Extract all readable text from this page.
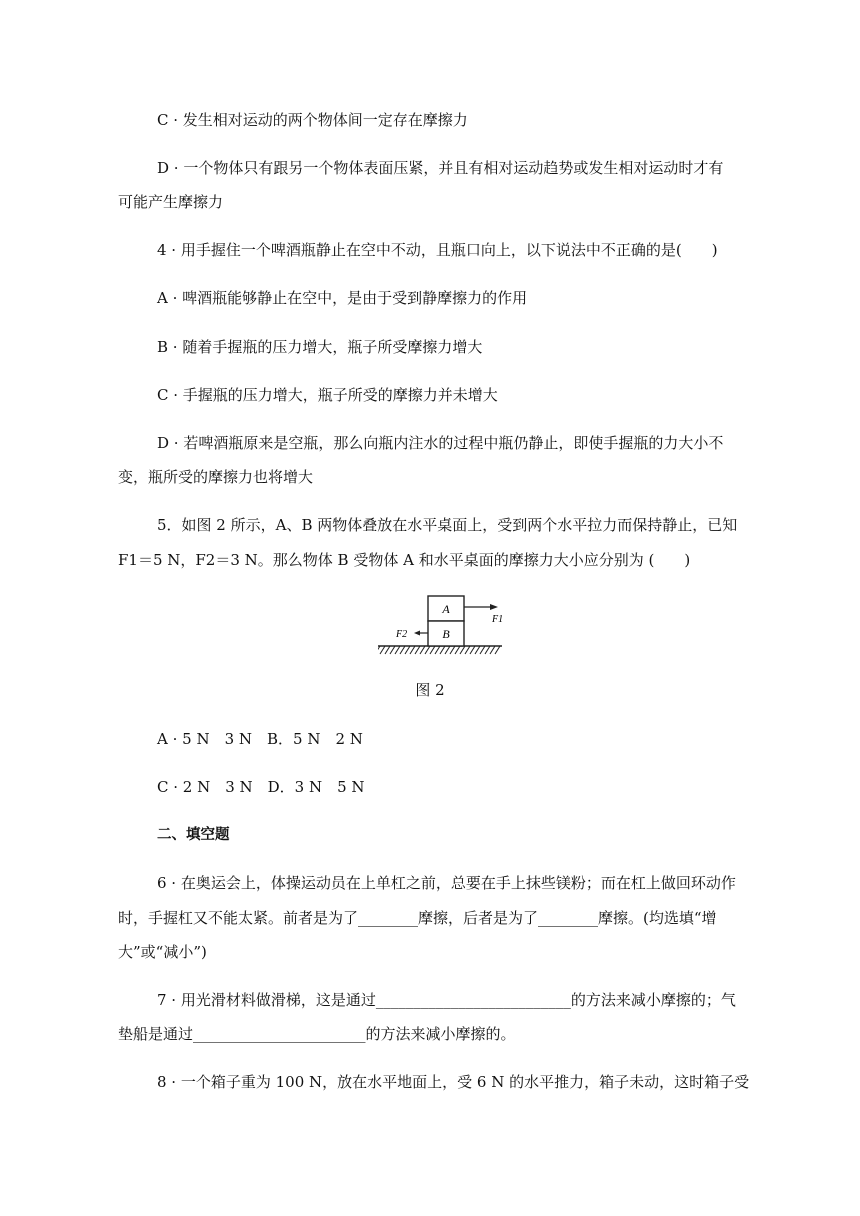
C · 发生相对运动的两个物体间一定存在摩擦力
D · 一个物体只有跟另一个物体表面压紧，并且有相对运动趋势或发生相对运动时才有
可能产生摩擦力
4 · 用手握住一个啤酒瓶静止在空中不动，且瓶口向上，以下说法中不正确的是(　　)
A · 啤酒瓶能够静止在空中，是由于受到静摩擦力的作用
B · 随着手握瓶的压力增大，瓶子所受摩擦力增大
C · 手握瓶的压力增大，瓶子所受的摩擦力并未增大
D · 若啤酒瓶原来是空瓶，那么向瓶内注水的过程中瓶仍静止，即使手握瓶的力大小不
变，瓶所受的摩擦力也将增大
5．如图 2 所示，A、B 两物体叠放在水平桌面上，受到两个水平拉力而保持静止，已知
F1＝5 N，F2＝3 N。那么物体 B 受物体 A 和水平桌面的摩擦力大小应分别为 (　　)
A
B
F1
F2
图 2
A · 5 N　3 N　B．5 N　2 N
C · 2 N　3 N　D．3 N　5 N
二、填空题
6 · 在奥运会上，体操运动员在上单杠之前，总要在手上抹些镁粉；而在杠上做回环动作
时，手握杠又不能太紧。前者是为了________摩擦，后者是为了________摩擦。(均选填“增
大”或“减小”)
7 · 用光滑材料做滑梯，这是通过__________________________的方法来减小摩擦的；气
垫船是通过_______________________的方法来减小摩擦的。
8 · 一个箱子重为 100 N，放在水平地面上，受 6 N 的水平推力，箱子未动，这时箱子受
